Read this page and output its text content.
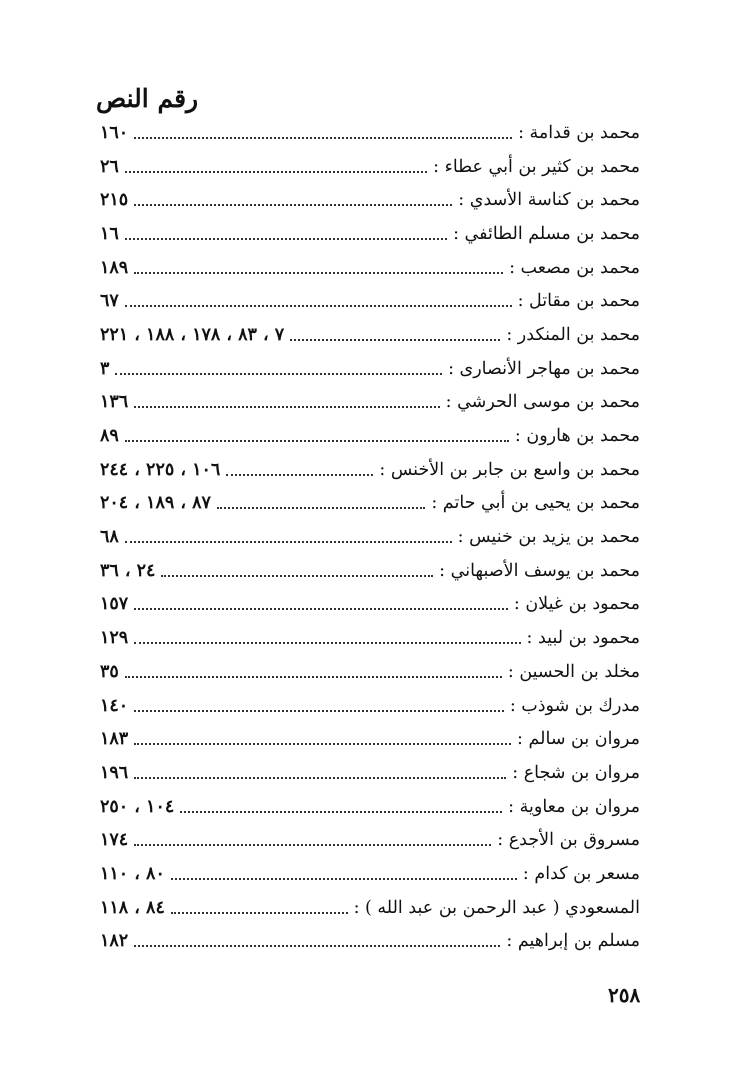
رقم النص
محمد بن قدامة :
١٦٠
محمد بن كثير بن أبي عطاء :
٢٦
محمد بن كناسة الأسدي :
٢١٥
محمد بن مسلم الطائفي :
١٦
محمد بن مصعب :
١٨٩
محمد بن مقاتل :
٦٧
محمد بن المنكدر :
٧ ، ٨٣ ، ١٧٨ ، ١٨٨ ، ٢٢١
محمد بن مهاجر الأنصارى :
٣
محمد بن موسى الحرشي :
١٣٦
محمد بن هارون :
٨٩
محمد بن واسع بن جابر بن الأخنس :
١٠٦ ، ٢٢٥ ، ٢٤٤
محمد بن يحيى بن أبي حاتم :
٨٧ ، ١٨٩ ، ٢٠٤
محمد بن يزيد بن خنيس :
٦٨
محمد بن يوسف الأصبهاني :
٢٤ ، ٣٦
محمود بن غيلان :
١٥٧
محمود بن لبيد :
١٢٩
مخلد بن الحسين :
٣٥
مدرك بن شوذب :
١٤٠
مروان بن سالم :
١٨٣
مروان بن شجاع :
١٩٦
مروان بن معاوية :
١٠٤ ، ٢٥٠
مسروق بن الأجدع :
١٧٤
مسعر بن كدام :
٨٠ ، ١١٠
المسعودي ( عبد الرحمن بن عبد الله ) :
٨٤ ، ١١٨
مسلم بن إبراهيم :
١٨٢
٢٥٨
